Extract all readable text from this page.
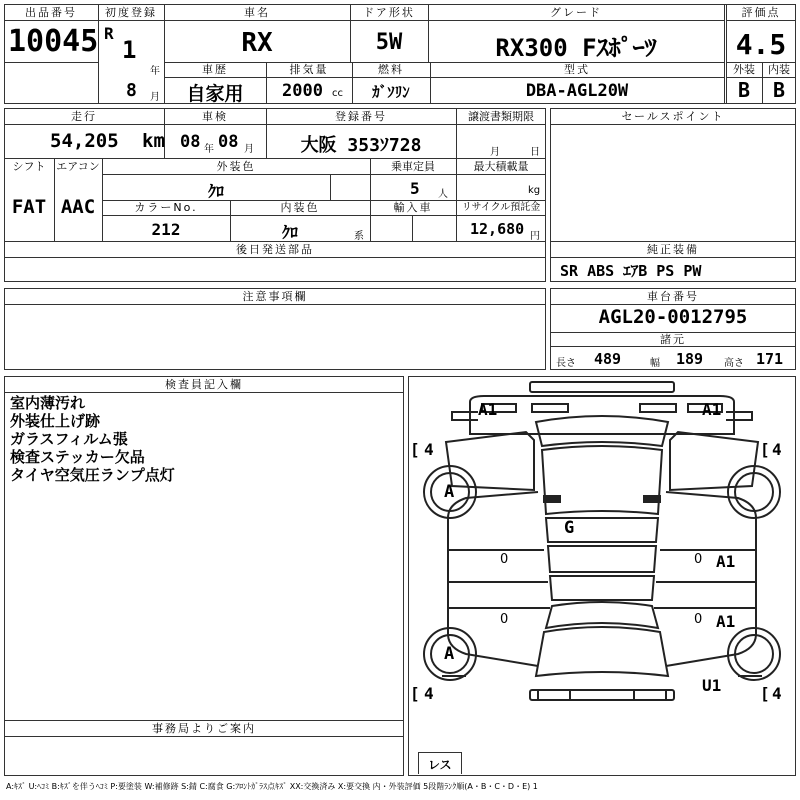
出品番号
10045
初度登録
R
1
年
8 月
車名
RX
ドア形状
5W
グレード
RX300 Fｽﾎﾟｰﾂ
評価点
4.5
車歴
自家用
排気量
2000 cc
燃料
ｶﾞｿﾘﾝ
型式
DBA-AGL20W
外装
B
内装
B
走行
54,205 km
車検
08 年 08 月
登録番号
大阪 353ｿ728
譲渡書類期限
月	日
シフト
FAT
エアコン
AAC
外装色
ｸﾛ
乗車定員
5 人
最大積載量
kg
カラーNo.
212
内装色
ｸﾛ	系
輸入車	リサイクル預託金
12,680 円
後日発送部品
セールスポイント
純正装備
SR ABS ｴｱB PS PW
注意事項欄	車台番号
AGL20-0012795
諸元
長さ 489	幅 189 高さ 171
検査員記入欄
室内薄汚れ
外装仕上げ跡
ガラスフィルム張
検査ステッカー欠品
タイヤ空気圧ランプ点灯
事務局よりご案内
A1	A1
[ 4	[ 4
[ 4	[ 4
A
A
G
A1
A1
0
0
0
0
U1
レス
A:ｷｽﾞ U:ﾍｺﾐ B:ｷｽﾞを伴うﾍｺﾐ P:要塗装 W:補修跡 S:錆 C:腐食 G:ﾌﾛﾝﾄｶﾞﾗｽ点ｷｽﾞ XX:交換済み X:要交換 内・外装評価 5段階ﾗﾝｸ順(A・B・C・D・E) 1
